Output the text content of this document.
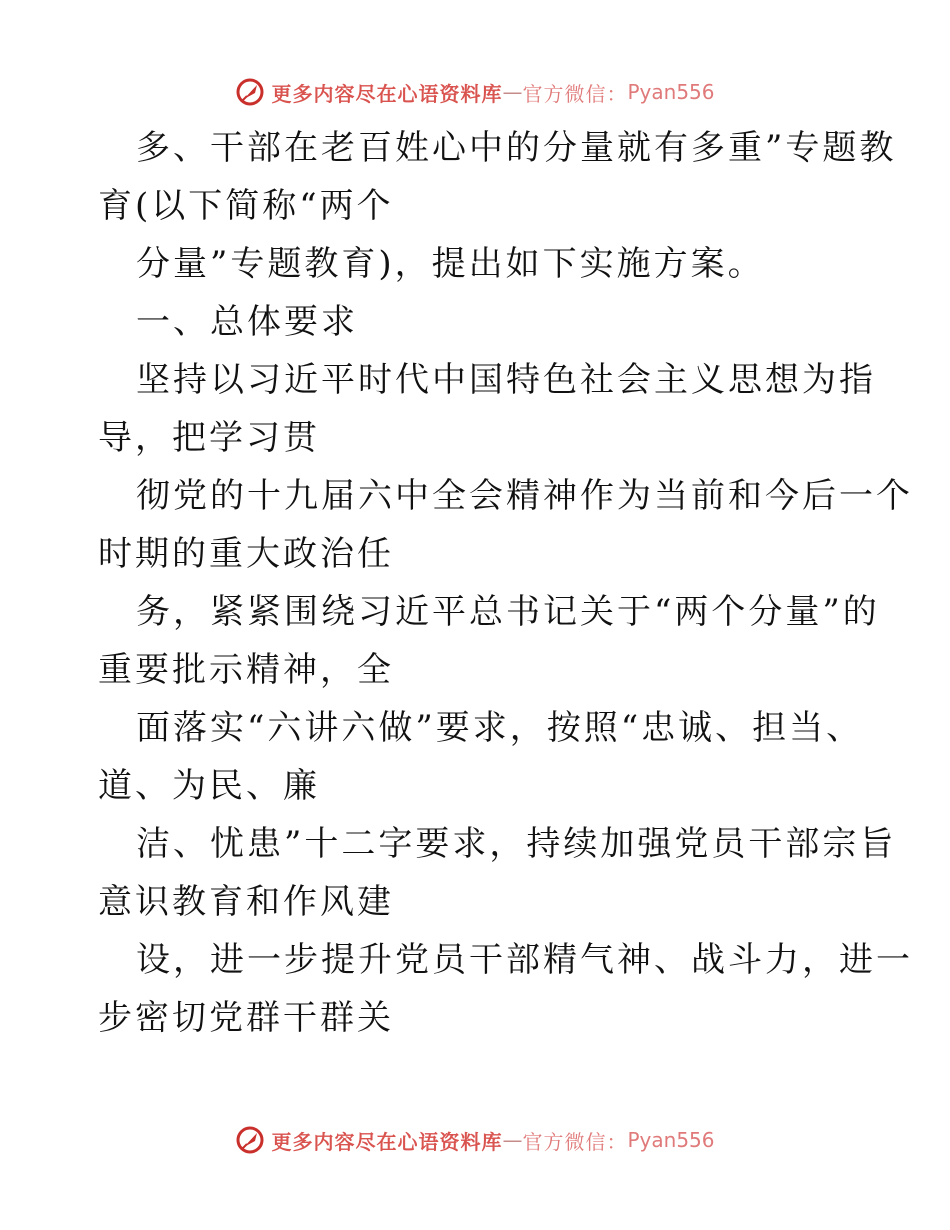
更多内容尽在心语资料库 — 官方微信： Pyan556
多、干部在老百姓心中的分量就有多重”专题教
育(以下简称“两个
分量”专题教育)，提出如下实施方案。
一、总体要求
坚持以习近平时代中国特色社会主义思想为指
导，把学习贯
彻党的十九届六中全会精神作为当前和今后一个
时期的重大政治任
务，紧紧围绕习近平总书记关于“两个分量”的
重要批示精神，全
面落实“六讲六做”要求，按照“忠诚、担当、
道、为民、廉
洁、忧患”十二字要求，持续加强党员干部宗旨
意识教育和作风建
设，进一步提升党员干部精气神、战斗力，进一
步密切党群干群关
更多内容尽在心语资料库 — 官方微信： Pyan556
